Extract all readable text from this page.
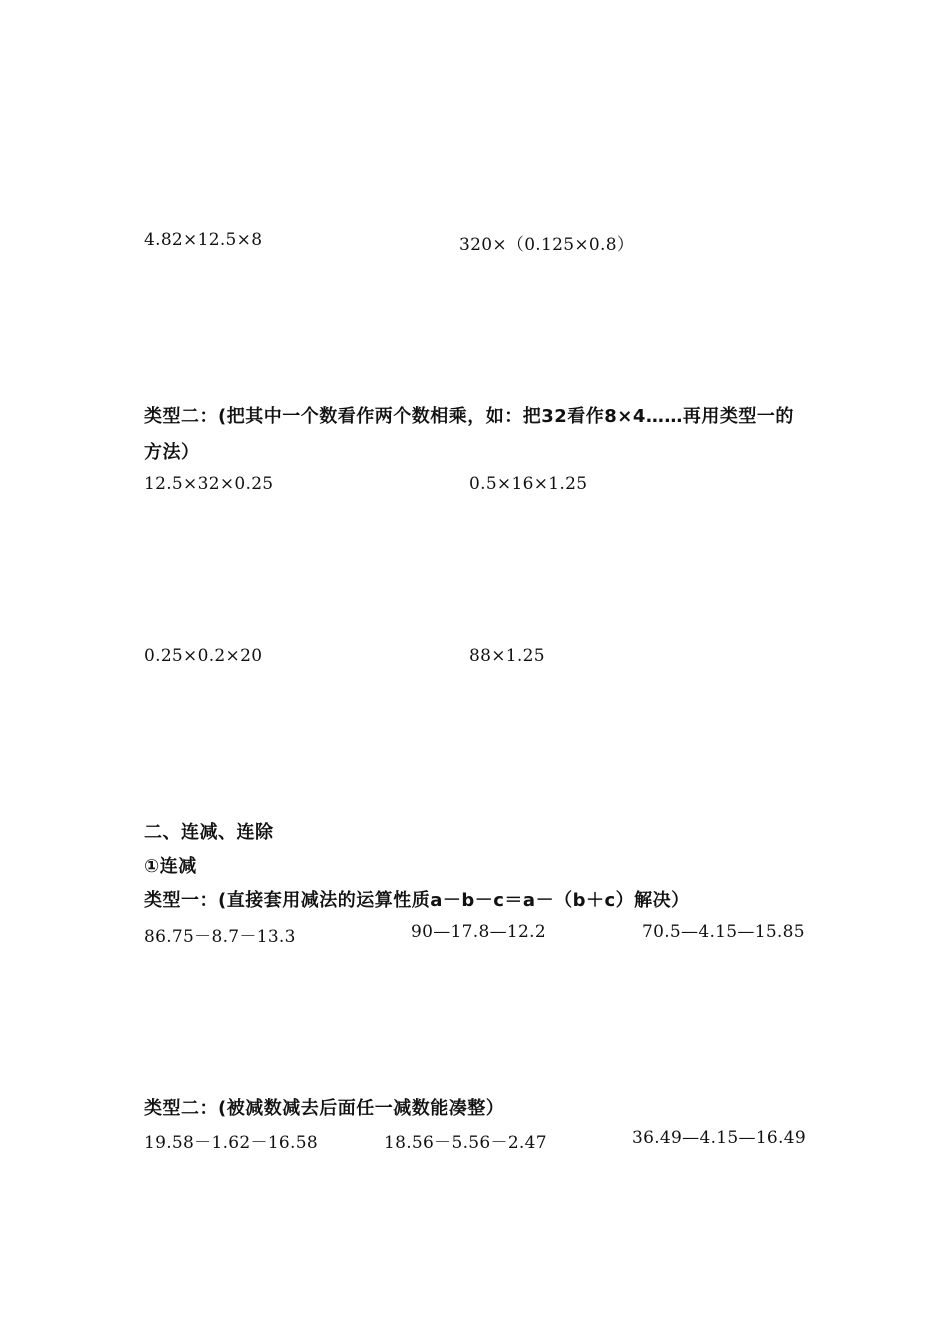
4.82×12.5×8	320×（0.125×0.8）
类型二：(把其中一个数看作两个数相乘，如：把32看作8×4……再用类型一的
方法）
12.5×32×0.25	0.5×16×1.25
0.25×0.2×20	88×1.25
二、连减、连除
①连减
类型一：(直接套用减法的运算性质a－b－c＝a－（b＋c）解决）
86.75－8.7－13.3	90—17.8—12.2	70.5—4.15—15.85
类型二：(被减数减去后面任一减数能凑整）
19.58－1.62－16.58	18.56－5.56－2.47	36.49—4.15—16.49
